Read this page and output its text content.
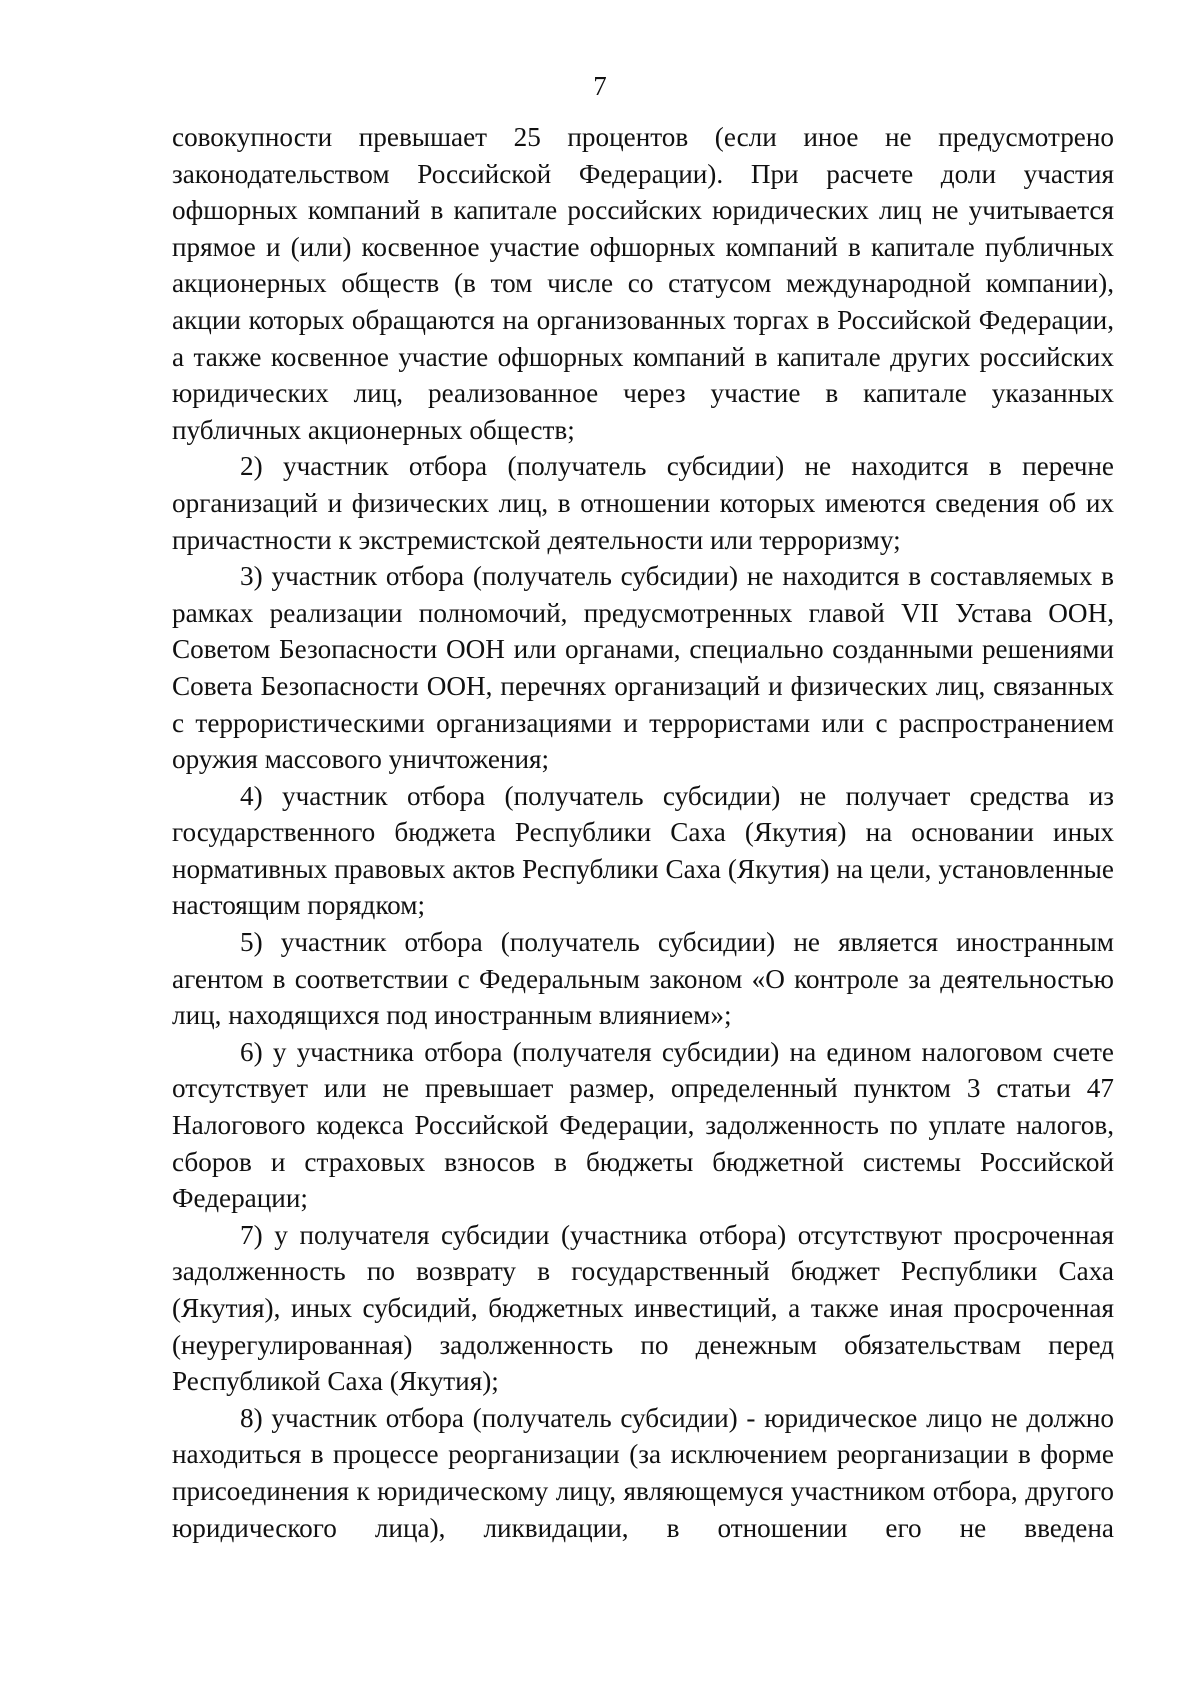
7

совокупности превышает 25 процентов (если иное не предусмотрено законодательством Российской Федерации). При расчете доли участия офшорных компаний в капитале российских юридических лиц не учитывается прямое и (или) косвенное участие офшорных компаний в капитале публичных акционерных обществ (в том числе со статусом международной компании), акции которых обращаются на организованных торгах в Российской Федерации, а также косвенное участие офшорных компаний в капитале других российских юридических лиц, реализованное через участие в капитале указанных публичных акционерных обществ;

2) участник отбора (получатель субсидии) не находится в перечне организаций и физических лиц, в отношении которых имеются сведения об их причастности к экстремистской деятельности или терроризму;

3) участник отбора (получатель субсидии) не находится в составляемых в рамках реализации полномочий, предусмотренных главой VII Устава ООН, Советом Безопасности ООН или органами, специально созданными решениями Совета Безопасности ООН, перечнях организаций и физических лиц, связанных с террористическими организациями и террористами или с распространением оружия массового уничтожения;

4) участник отбора (получатель субсидии) не получает средства из государственного бюджета Республики Саха (Якутия) на основании иных нормативных правовых актов Республики Саха (Якутия) на цели, установленные настоящим порядком;

5) участник отбора (получатель субсидии) не является иностранным агентом в соответствии с Федеральным законом «О контроле за деятельностью лиц, находящихся под иностранным влиянием»;

6) у участника отбора (получателя субсидии) на едином налоговом счете отсутствует или не превышает размер, определенный пунктом 3 статьи 47 Налогового кодекса Российской Федерации, задолженность по уплате налогов, сборов и страховых взносов в бюджеты бюджетной системы Российской Федерации;

7) у получателя субсидии (участника отбора) отсутствуют просроченная задолженность по возврату в государственный бюджет Республики Саха (Якутия), иных субсидий, бюджетных инвестиций, а также иная просроченная (неурегулированная) задолженность по денежным обязательствам перед Республикой Саха (Якутия);

8) участник отбора (получатель субсидии) - юридическое лицо не должно находиться в процессе реорганизации (за исключением реорганизации в форме присоединения к юридическому лицу, являющемуся участником отбора, другого юридического лица), ликвидации, в отношении его не введена
